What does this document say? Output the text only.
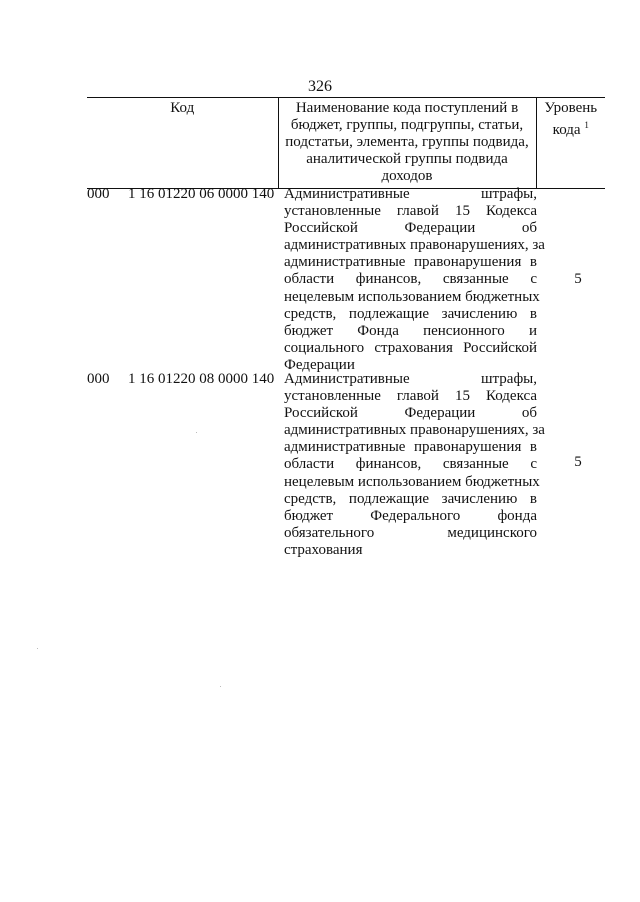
326
Код	Наименование кода поступлений в
бюджет, группы, подгруппы, статьи,
подстатьи, элемента, группы подвида,
аналитической группы подвида доходов

Уровень
кода $^1$
000	1 16 01220 06 0000 140 Административные штрафы,
установленные главой 15 Кодекса
Российской Федерации об
административных правонарушениях, за
административные правонарушения в
области финансов, связанные с
нецелевым использованием бюджетных
средств, подлежащие зачислению в
бюджет Фонда пенсионного и
социального страхования Российской
Федерации
5
000	1 16 01220 08 0000 140 Административные штрафы,
установленные главой 15 Кодекса
Российской Федерации об
административных правонарушениях, за
административные правонарушения в
области финансов, связанные с
нецелевым использованием бюджетных
средств, подлежащие зачислению в
бюджет Федерального фонда
обязательного медицинского
страхования
5
